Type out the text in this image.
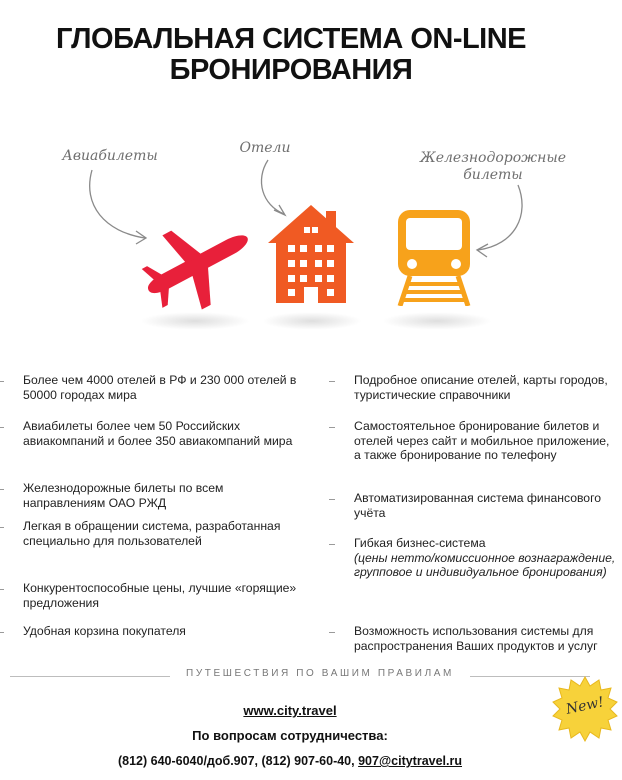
ГЛОБАЛЬНАЯ СИСТЕМА ON-LINE
БРОНИРОВАНИЯ
Авиабилеты	Отели
Железнодорожные
билеты
Более чем 4000 отелей в РФ и 230 000 отелей в 50000 городах мира
Авиабилеты более чем 50 Российских авиакомпаний и более 350 авиакомпаний мира
Железнодорожные билеты по всем направлениям ОАО РЖД
Легкая в обращении система, разработанная специально для пользователей
Конкурентоспособные цены, лучшие «горящие» предложения
Удобная корзина покупателя
Подробное описание отелей, карты городов, туристические справочники
Самостоятельное бронирование билетов и отелей через сайт и мобильное приложение, а также бронирование по телефону
Автоматизированная система финансового учёта
Гибкая бизнес-система
(цены нетто/комиссионное вознаграждение, групповое и индивидуальное бронирования)
Возможность использования системы для распространения Ваших продуктов и услуг
ПУТЕШЕСТВИЯ ПО ВАШИМ ПРАВИЛАМ
www.city.travel
По вопросам сотрудничества:
(812) 640-6040/доб.907, (812) 907-60-40, 907@citytravel.ru
New!
